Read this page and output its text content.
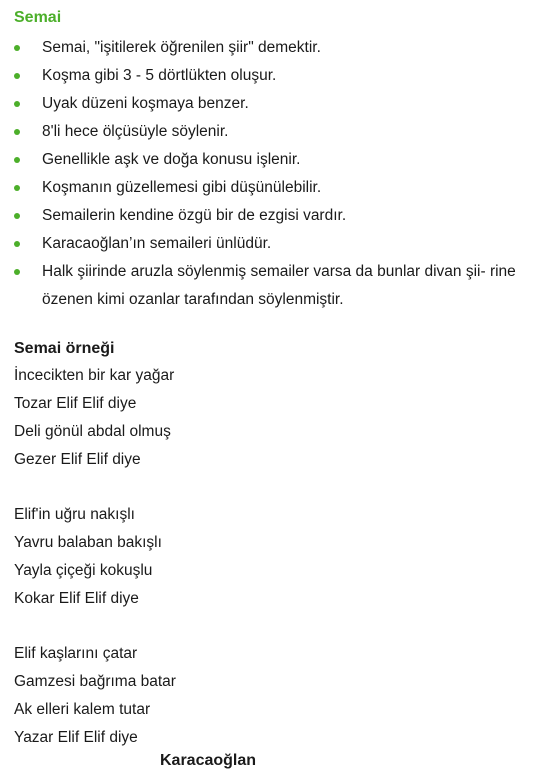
Semai
Semai, "işitilerek öğrenilen şiir" demektir.
Koşma gibi 3 - 5 dörtlükten oluşur.
Uyak düzeni koşmaya benzer.
8'li hece ölçüsüyle söylenir.
Genellikle aşk ve doğa konusu işlenir.
Koşmanın güzellemesi gibi düşünülebilir.
Semailerin kendine özgü bir de ezgisi vardır.
Karacaoğlan’ın semaileri ünlüdür.
Halk şiirinde aruzla söylenmiş semailer varsa da bunlar divan şii- rine özenen kimi ozanlar tarafından söylenmiştir.
Semai örneği
İncecikten bir kar yağar
Tozar Elif Elif diye
Deli gönül abdal olmuş
Gezer Elif Elif diye
Elif'in uğru nakışlı
Yavru balaban bakışlı
Yayla çiçeği kokuşlu
Kokar Elif Elif diye
Elif kaşlarını çatar
Gamzesi bağrıma batar
Ak elleri kalem tutar
Yazar Elif Elif diye
Karacaoğlan
